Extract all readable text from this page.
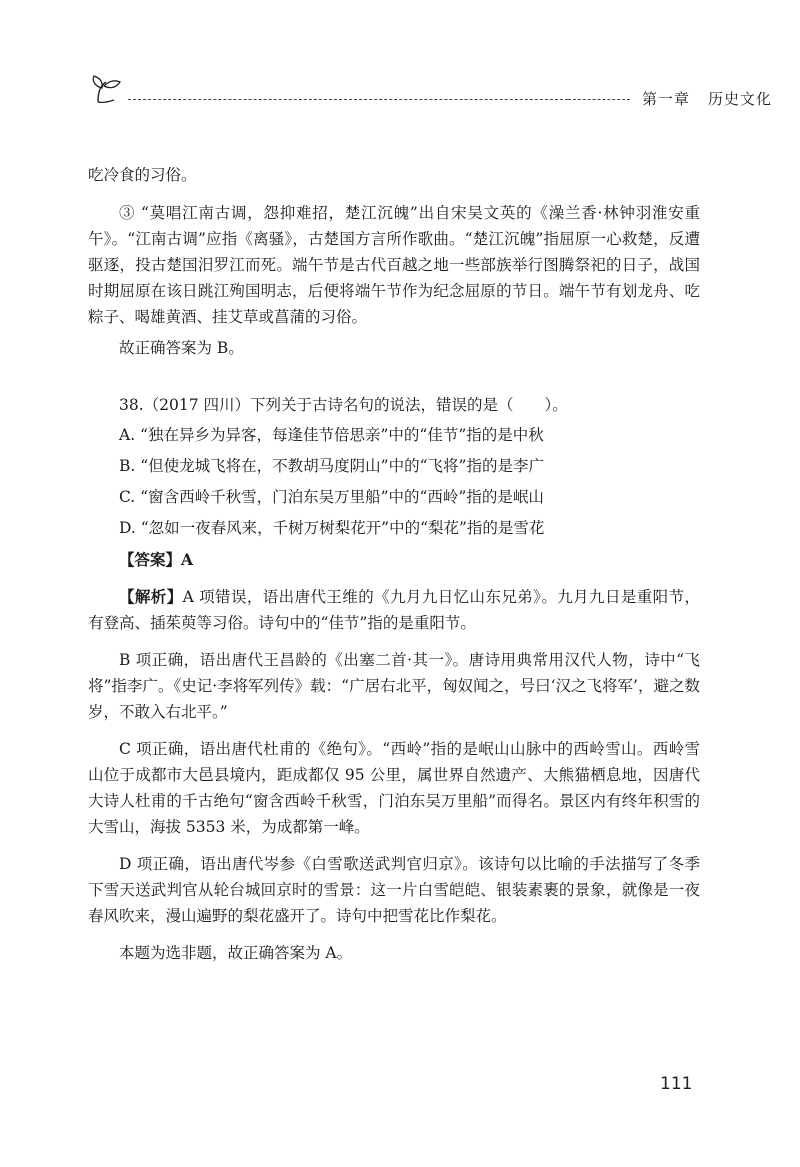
第一章 历史文化

吃冷食的习俗。

③ “莫唱江南古调，怨抑难招，楚江沉魄”出自宋吴文英的《澡兰香·林钟羽淮安重午》。“江南古调”应指《离骚》，古楚国方言所作歌曲。“楚江沉魄”指屈原一心救楚，反遭驱逐，投古楚国汨罗江而死。端午节是古代百越之地一些部族举行图腾祭祀的日子，战国时期屈原在该日跳江殉国明志，后便将端午节作为纪念屈原的节日。端午节有划龙舟、吃粽子、喝雄黄酒、挂艾草或菖蒲的习俗。

故正确答案为 B。

38.（2017 四川）下列关于古诗名句的说法，错误的是（　　）。

A. “独在异乡为异客，每逢佳节倍思亲”中的“佳节”指的是中秋

B. “但使龙城飞将在，不教胡马度阴山”中的“飞将”指的是李广

C. “窗含西岭千秋雪，门泊东吴万里船”中的“西岭”指的是岷山

D. “忽如一夜春风来，千树万树梨花开”中的“梨花”指的是雪花

【答案】A

【解析】A 项错误，语出唐代王维的《九月九日忆山东兄弟》。九月九日是重阳节，有登高、插茱萸等习俗。诗句中的“佳节”指的是重阳节。

B 项正确，语出唐代王昌龄的《出塞二首·其一》。唐诗用典常用汉代人物，诗中“飞将”指李广。《史记·李将军列传》载：“广居右北平，匈奴闻之，号曰‘汉之飞将军’，避之数岁，不敢入右北平。”

C 项正确，语出唐代杜甫的《绝句》。“西岭”指的是岷山山脉中的西岭雪山。西岭雪山位于成都市大邑县境内，距成都仅 95 公里，属世界自然遗产、大熊猫栖息地，因唐代大诗人杜甫的千古绝句“窗含西岭千秋雪，门泊东吴万里船”而得名。景区内有终年积雪的大雪山，海拔 5353 米，为成都第一峰。

D 项正确，语出唐代岑参《白雪歌送武判官归京》。该诗句以比喻的手法描写了冬季下雪天送武判官从轮台城回京时的雪景：这一片白雪皑皑、银装素裹的景象，就像是一夜春风吹来，漫山遍野的梨花盛开了。诗句中把雪花比作梨花。

本题为选非题，故正确答案为 A。

111
